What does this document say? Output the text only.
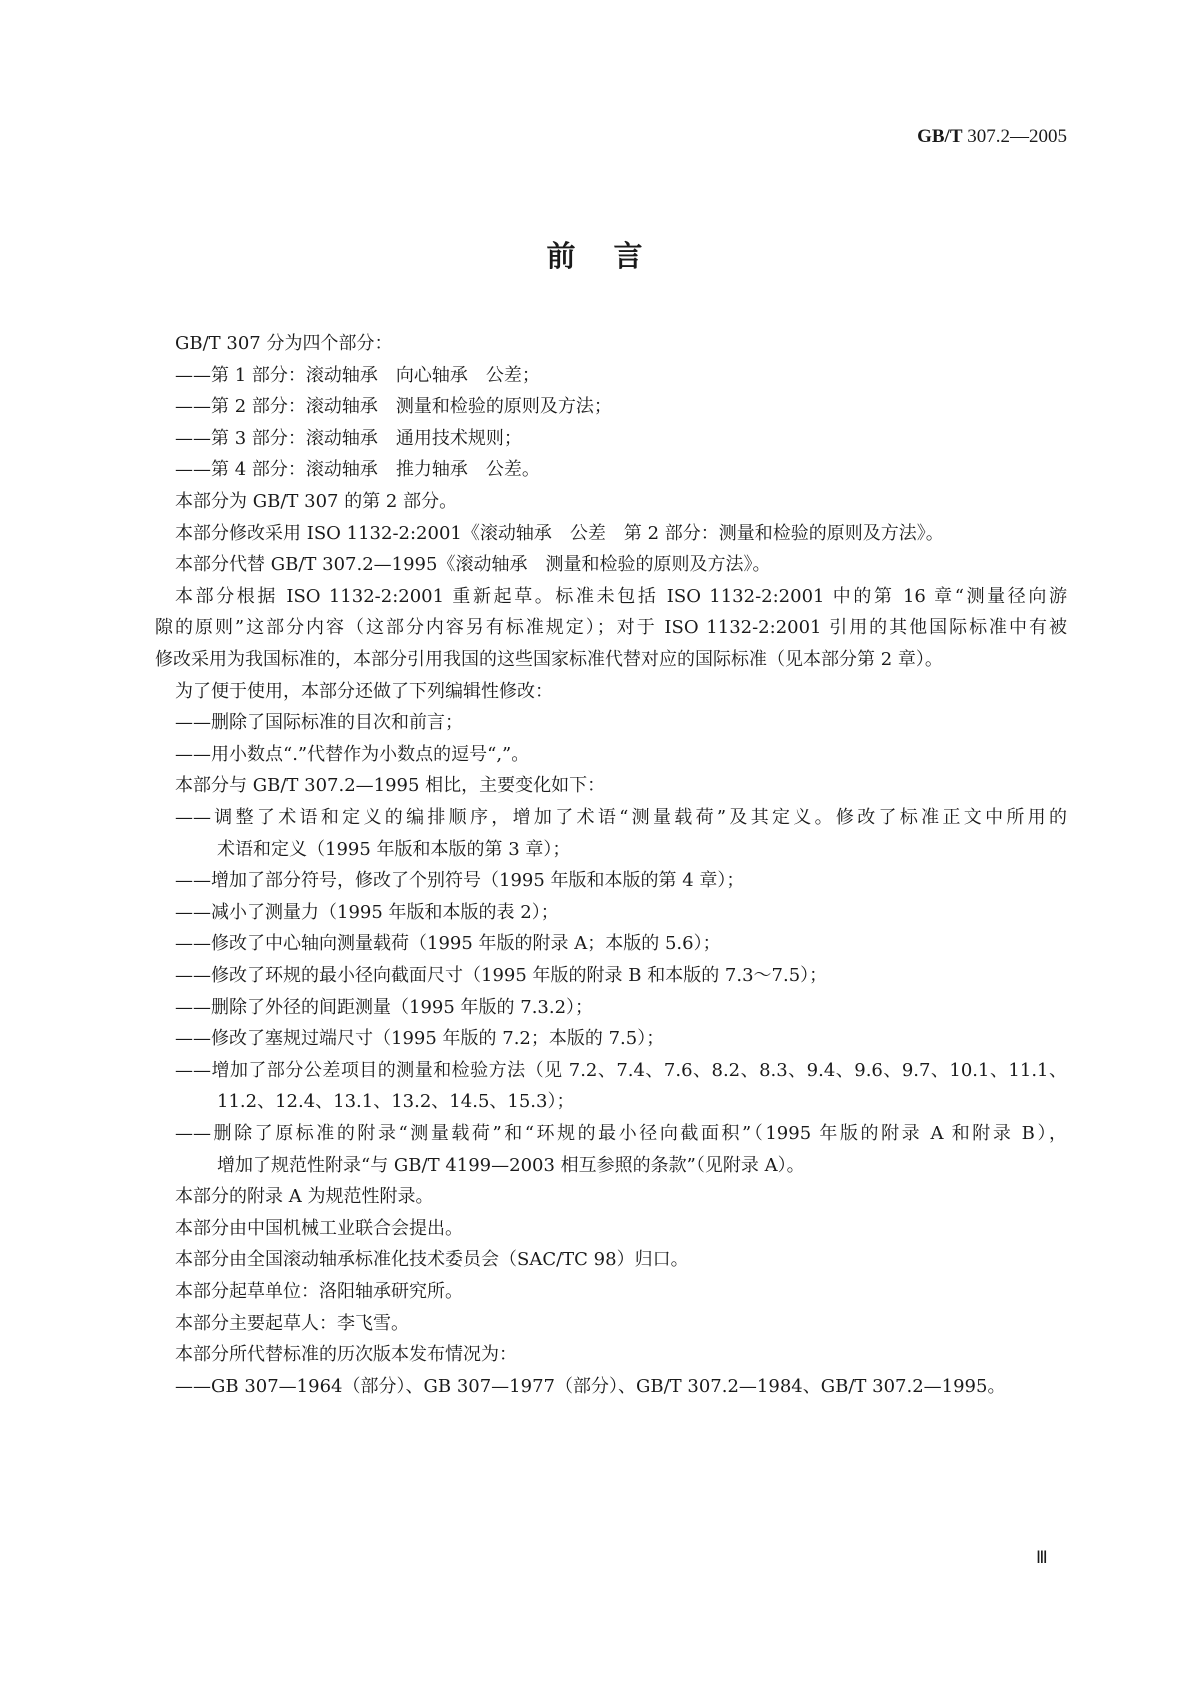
GB/T 307.2—2005
前 言
GB/T 307 分为四个部分：
——第 1 部分：滚动轴承　向心轴承　公差；
——第 2 部分：滚动轴承　测量和检验的原则及方法；
——第 3 部分：滚动轴承　通用技术规则；
——第 4 部分：滚动轴承　推力轴承　公差。
本部分为 GB/T 307 的第 2 部分。
本部分修改采用 ISO 1132-2:2001《滚动轴承　公差　第 2 部分：测量和检验的原则及方法》。
本部分代替 GB/T 307.2—1995《滚动轴承　测量和检验的原则及方法》。
本部分根据 ISO 1132-2:2001 重新起草。标准未包括 ISO 1132-2:2001 中的第 16 章“测量径向游
隙的原则”这部分内容（这部分内容另有标准规定）；对于 ISO 1132-2:2001 引用的其他国际标准中有被
修改采用为我国标准的，本部分引用我国的这些国家标准代替对应的国际标准（见本部分第 2 章）。
为了便于使用，本部分还做了下列编辑性修改：
——删除了国际标准的目次和前言；
——用小数点“.”代替作为小数点的逗号“,”。
本部分与 GB/T 307.2—1995 相比，主要变化如下：
——调整了术语和定义的编排顺序，增加了术语“测量载荷”及其定义。修改了标准正文中所用的
术语和定义（1995 年版和本版的第 3 章）；
——增加了部分符号，修改了个别符号（1995 年版和本版的第 4 章）；
——减小了测量力（1995 年版和本版的表 2）；
——修改了中心轴向测量载荷（1995 年版的附录 A；本版的 5.6）；
——修改了环规的最小径向截面尺寸（1995 年版的附录 B 和本版的 7.3～7.5）；
——删除了外径的间距测量（1995 年版的 7.3.2）；
——修改了塞规过端尺寸（1995 年版的 7.2；本版的 7.5）；
——增加了部分公差项目的测量和检验方法（见 7.2、7.4、7.6、8.2、8.3、9.4、9.6、9.7、10.1、11.1、
11.2、12.4、13.1、13.2、14.5、15.3）；
——删除了原标准的附录“测量载荷”和“环规的最小径向截面积”（1995 年版的附录 A 和附录 B），
增加了规范性附录“与 GB/T 4199—2003 相互参照的条款”（见附录 A）。
本部分的附录 A 为规范性附录。
本部分由中国机械工业联合会提出。
本部分由全国滚动轴承标准化技术委员会（SAC/TC 98）归口。
本部分起草单位：洛阳轴承研究所。
本部分主要起草人：李飞雪。
本部分所代替标准的历次版本发布情况为：
——GB 307—1964（部分）、GB 307—1977（部分）、GB/T 307.2—1984、GB/T 307.2—1995。
Ⅲ
